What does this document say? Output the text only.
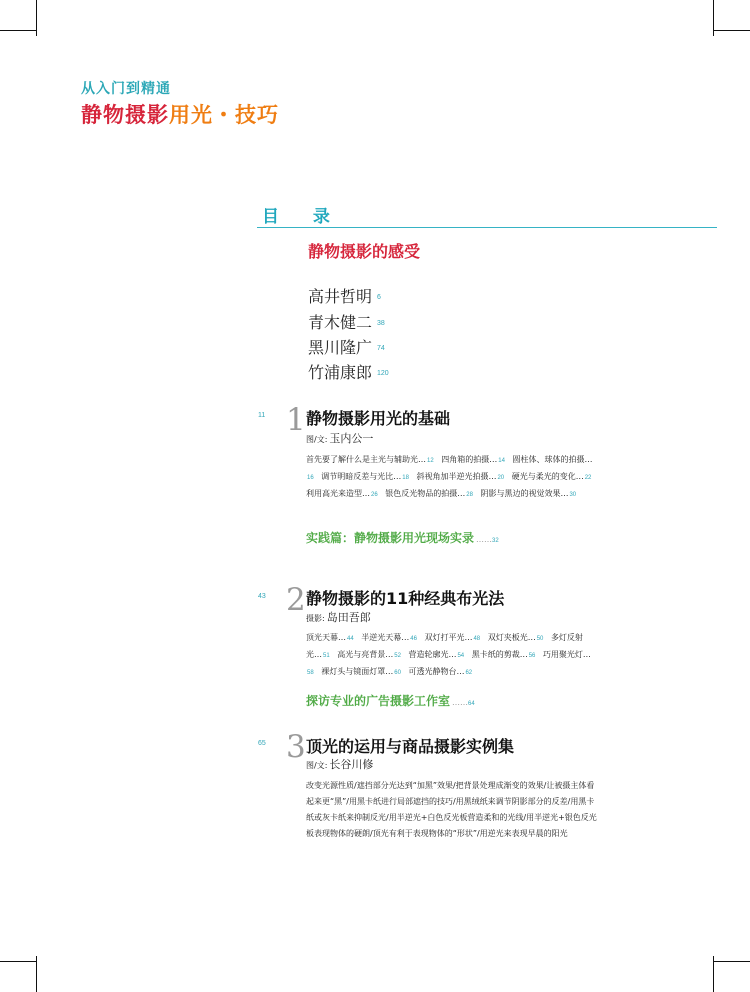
从入门到精通
静物摄影用光・技巧
目 录
静物摄影的感受
高井哲明 6
青木健二 38
黑川隆广 74
竹浦康郎 120
11 1 静物摄影用光的基础
图/文: 玉内公一
首先要了解什么是主光与辅助光…12 四角箱的拍摄…14 圆柱体、球体的拍摄…16 调节明暗反差与光比…18 斜视角加半逆光拍摄…20 硬光与柔光的变化…22 利用高光来造型…26 银色反光物品的拍摄…28 阴影与黑边的视觉效果…30
实践篇：静物摄影用光现场实录 ……32
43 2 静物摄影的11种经典布光法
摄影: 岛田吾郎
顶光天幕…44 半逆光天幕…46 双灯打平光…48 双灯夹板光…50 多灯反射光…51 高光与亮背景…52 营造轮廓光…54 黑卡纸的剪裁…56 巧用聚光灯…58 裸灯头与镜面灯罩…60 可透光静物台…62
探访专业的广告摄影工作室 ……64
65 3 顶光的运用与商品摄影实例集
图/文: 长谷川修
改变光源性质/遮挡部分光达到“加黑”效果/把背景处理成渐变的效果/让被摄主体看起来更“黑”/用黑卡纸进行局部遮挡的技巧/用黑绒纸来调节阴影部分的反差/用黑卡纸或灰卡纸来抑制反光/用半逆光+白色反光板营造柔和的光线/用半逆光+银色反光板表现物体的硬朗/顶光有利于表现物体的“形状”/用逆光来表现早晨的阳光
